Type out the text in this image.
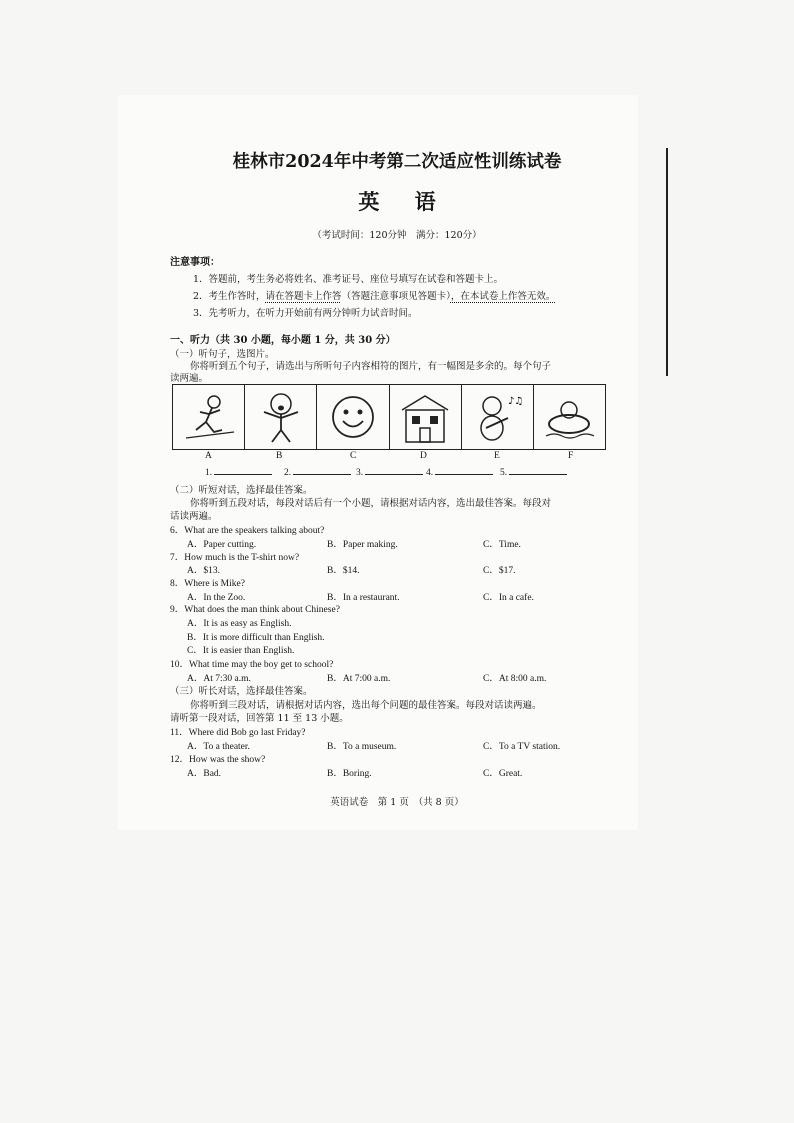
桂林市2024年中考第二次适应性训练试卷
英 语
（考试时间：120分钟　满分：120分）
注意事项：
1．答题前，考生务必将姓名、准考证号、座位号填写在试卷和答题卡上。
2．考生作答时，请在答题卡上作答（答题注意事项见答题卡），在本试卷上作答无效。
3．先考听力，在听力开始前有两分钟听力试音时间。
一、听力（共 30 小题，每小题 1 分，共 30 分）
（一）听句子，选图片。
你将听到五个句子，请选出与所听句子内容相符的图片，有一幅图是多余的。每个句子
读两遍。
♪♫
A	B	C	D	E	F
1.	2.	3.	4.	5.
（二）听短对话，选择最佳答案。
你将听到五段对话，每段对话后有一个小题，请根据对话内容，选出最佳答案。每段对
话读两遍。
6．What are the speakers talking about?
A．Paper cutting.	B．Paper making.	C．Time.
7．How much is the T-shirt now?
A．$13.	B．$14.	C．$17.
8．Where is Mike?
A．In the Zoo.	B．In a restaurant.	C．In a cafe.
9．What does the man think about Chinese?
A．It is as easy as English.
B．It is more difficult than English.
C．It is easier than English.
10．What time may the boy get to school?
A．At 7:30 a.m.	B．At 7:00 a.m.	C．At 8:00 a.m.
（三）听长对话，选择最佳答案。
你将听到三段对话，请根据对话内容，选出每个问题的最佳答案。每段对话读两遍。
请听第一段对话，回答第 11 至 13 小题。
11．Where did Bob go last Friday?
A．To a theater.	B．To a museum.	C．To a TV station.
12．How was the show?
A．Bad.	B．Boring.	C．Great.
英语试卷　第 1 页　（共 8 页）
